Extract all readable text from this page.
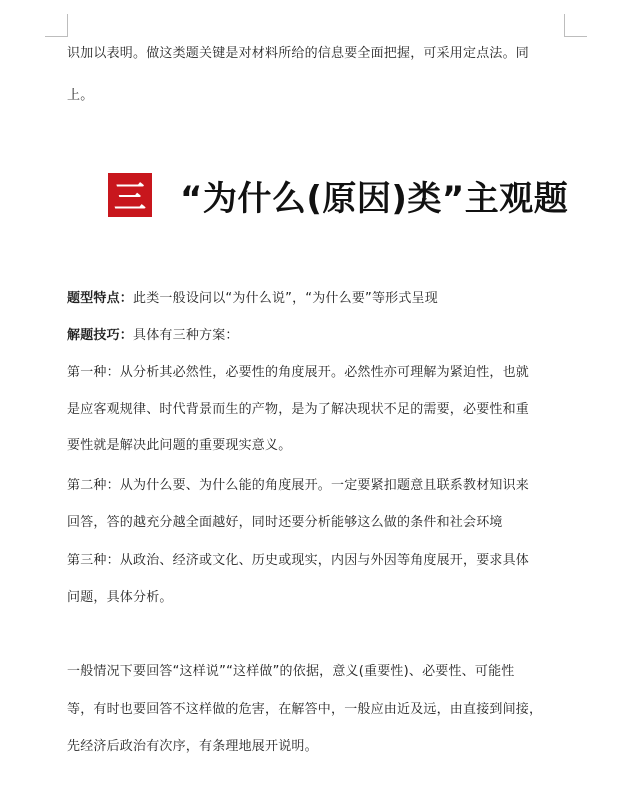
识加以表明。做这类题关键是对材料所给的信息要全面把握，可采用定点法。同
上。
三 “为什么(原因)类”主观题
题型特点：此类一般设问以“为什么说”，“为什么要”等形式呈现
解题技巧：具体有三种方案：
第一种：从分析其必然性，必要性的角度展开。必然性亦可理解为紧迫性，也就
是应客观规律、时代背景而生的产物，是为了解决现状不足的需要，必要性和重
要性就是解决此问题的重要现实意义。
第二种：从为什么要、为什么能的角度展开。一定要紧扣题意且联系教材知识来
回答，答的越充分越全面越好，同时还要分析能够这么做的条件和社会环境
第三种：从政治、经济或文化、历史或现实，内因与外因等角度展开，要求具体
问题，具体分析。
一般情况下要回答“这样说”“这样做”的依据，意义(重要性)、必要性、可能性
等，有时也要回答不这样做的危害，在解答中，一般应由近及远，由直接到间接，
先经济后政治有次序，有条理地展开说明。
